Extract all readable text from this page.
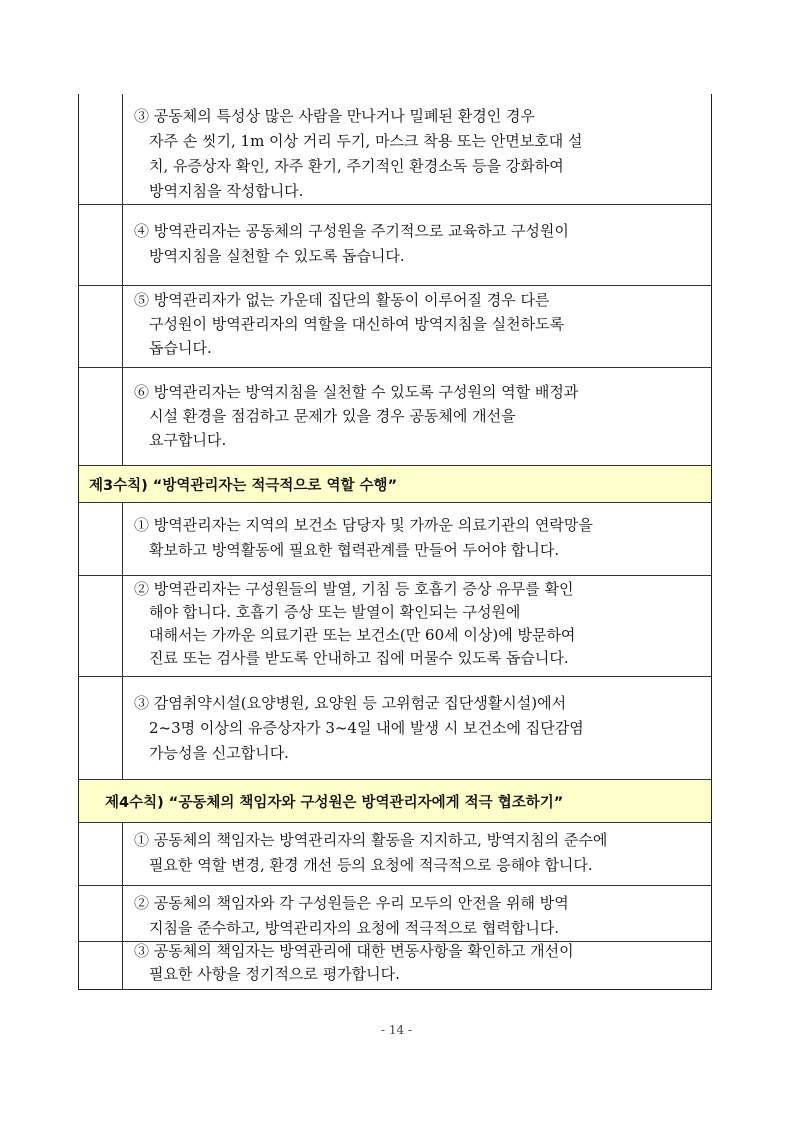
③ 공동체의 특성상 많은 사람을 만나거나 밀폐된 환경인 경우
자주 손 씻기, 1m 이상 거리 두기, 마스크 착용 또는 안면보호대 설
치, 유증상자 확인, 자주 환기, 주기적인 환경소독 등을 강화하여
방역지침을 작성합니다.
④ 방역관리자는 공동체의 구성원을 주기적으로 교육하고 구성원이
방역지침을 실천할 수 있도록 돕습니다.
⑤ 방역관리자가 없는 가운데 집단의 활동이 이루어질 경우 다른
구성원이 방역관리자의 역할을 대신하여 방역지침을 실천하도록
돕습니다.
⑥ 방역관리자는 방역지침을 실천할 수 있도록 구성원의 역할 배정과
시설 환경을 점검하고 문제가 있을 경우 공동체에 개선을
요구합니다.
제3수칙) “방역관리자는 적극적으로 역할 수행”
① 방역관리자는 지역의 보건소 담당자 및 가까운 의료기관의 연락망을
확보하고 방역활동에 필요한 협력관계를 만들어 두어야 합니다.
② 방역관리자는 구성원들의 발열, 기침 등 호흡기 증상 유무를 확인
해야 합니다. 호흡기 증상 또는 발열이 확인되는 구성원에
대해서는 가까운 의료기관 또는 보건소(만 60세 이상)에 방문하여
진료 또는 검사를 받도록 안내하고 집에 머물수 있도록 돕습니다.
③ 감염취약시설(요양병원, 요양원 등 고위험군 집단생활시설)에서
2~3명 이상의 유증상자가 3~4일 내에 발생 시 보건소에 집단감염
가능성을 신고합니다.
제4수칙) “공동체의 책임자와 구성원은 방역관리자에게 적극 협조하기”
① 공동체의 책임자는 방역관리자의 활동을 지지하고, 방역지침의 준수에
필요한 역할 변경, 환경 개선 등의 요청에 적극적으로 응해야 합니다.
② 공동체의 책임자와 각 구성원들은 우리 모두의 안전을 위해 방역
지침을 준수하고, 방역관리자의 요청에 적극적으로 협력합니다.
③ 공동체의 책임자는 방역관리에 대한 변동사항을 확인하고 개선이
필요한 사항을 정기적으로 평가합니다.
- 14 -
